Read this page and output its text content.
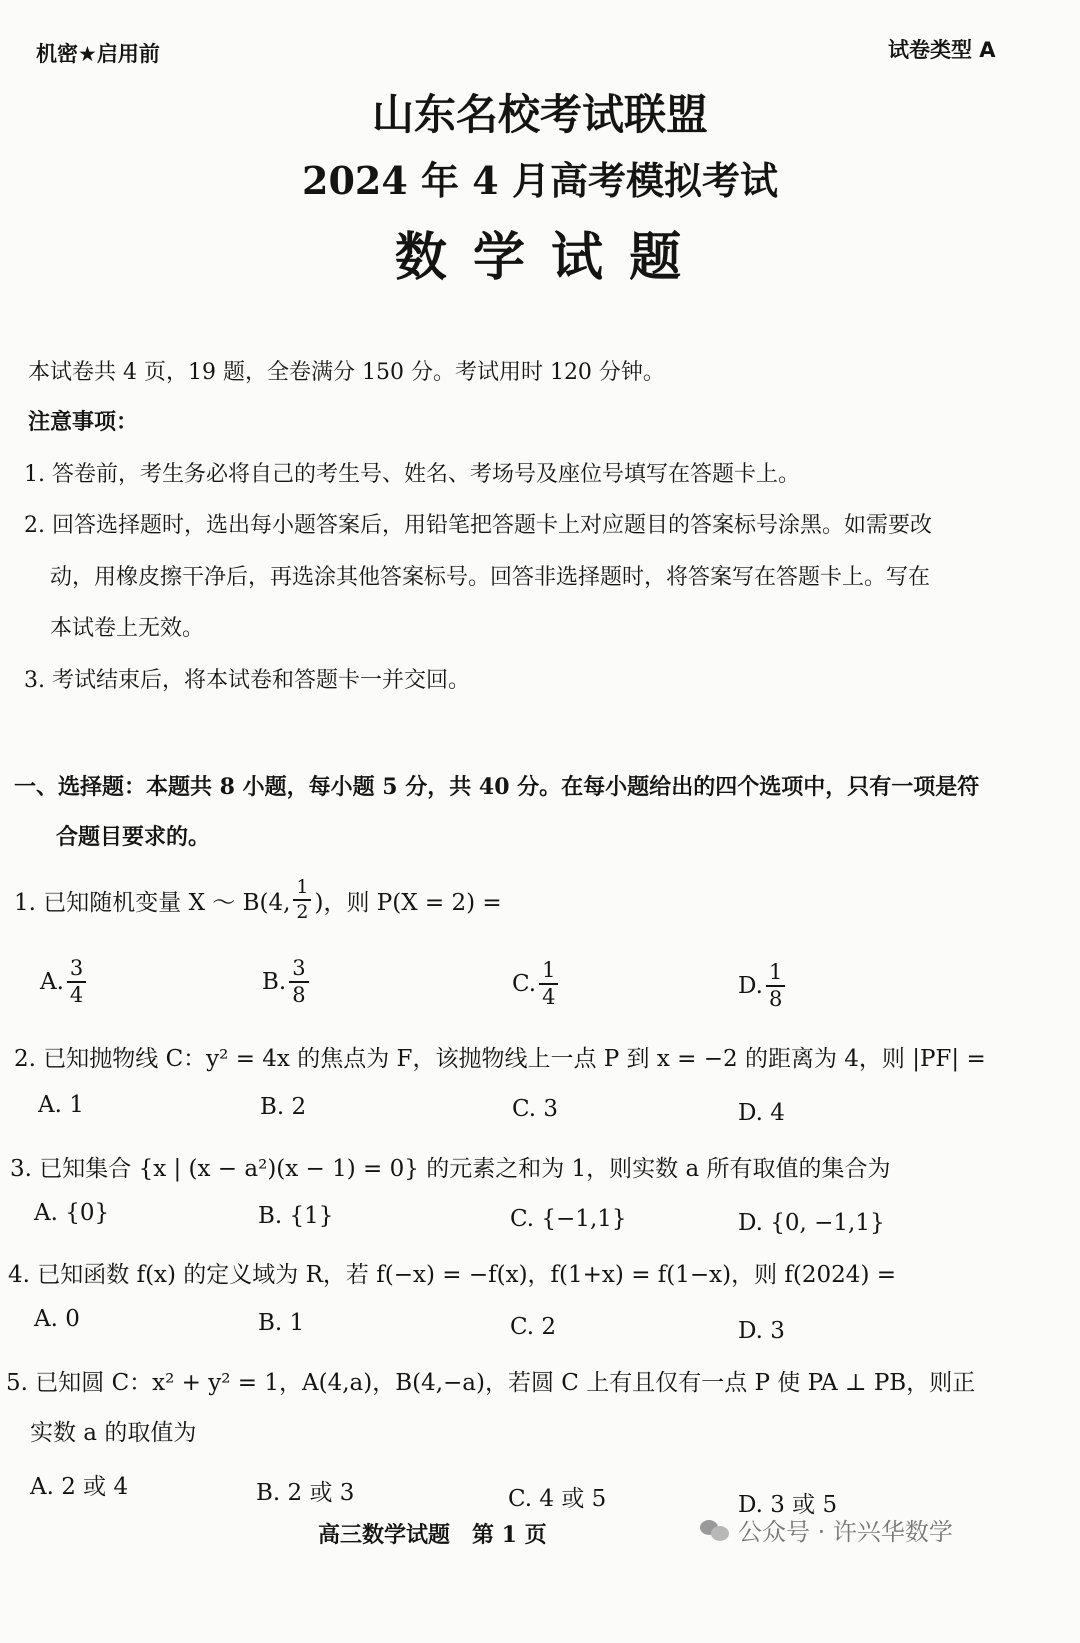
机密★启用前	试卷类型 A
山东名校考试联盟
2024 年 4 月高考模拟考试
数 学 试 题
本试卷共 4 页，19 题，全卷满分 150 分。考试用时 120 分钟。
注意事项：
1. 答卷前，考生务必将自己的考生号、姓名、考场号及座位号填写在答题卡上。
2. 回答选择题时，选出每小题答案后，用铅笔把答题卡上对应题目的答案标号涂黑。如需要改
动，用橡皮擦干净后，再选涂其他答案标号。回答非选择题时，将答案写在答题卡上。写在
本试卷上无效。
3. 考试结束后，将本试卷和答题卡一并交回。
一、选择题：本题共 8 小题，每小题 5 分，共 40 分。在每小题给出的四个选项中，只有一项是符
合题目要求的。
1. 已知随机变量 X ～ B(4, $\frac{1}{2}$ )，则 P(X = 2) =
A. $\frac{3}{4}$	B. $\frac{3}{8}$	C. $\frac{1}{4}$	D. $\frac{1}{8}$
2. 已知抛物线 C：y² = 4x 的焦点为 F，该抛物线上一点 P 到 x = −2 的距离为 4，则 |PF| =
A. 1	B. 2	C. 3	D. 4
3. 已知集合 {x | (x − a²)(x − 1) = 0} 的元素之和为 1，则实数 a 所有取值的集合为
A. {0}	B. {1}	C. {−1,1}	D. {0, −1,1}
4. 已知函数 f(x) 的定义域为 R，若 f(−x) = −f(x)，f(1+x) = f(1−x)，则 f(2024) =
A. 0	B. 1	C. 2	D. 3
5. 已知圆 C：x² + y² = 1，A(4,a)，B(4,−a)，若圆 C 上有且仅有一点 P 使 PA ⊥ PB，则正
实数 a 的取值为
A. 2 或 4	B. 2 或 3	C. 4 或 5	D. 3 或 5
高三数学试题　第 1 页	公众号 · 许兴华数学
